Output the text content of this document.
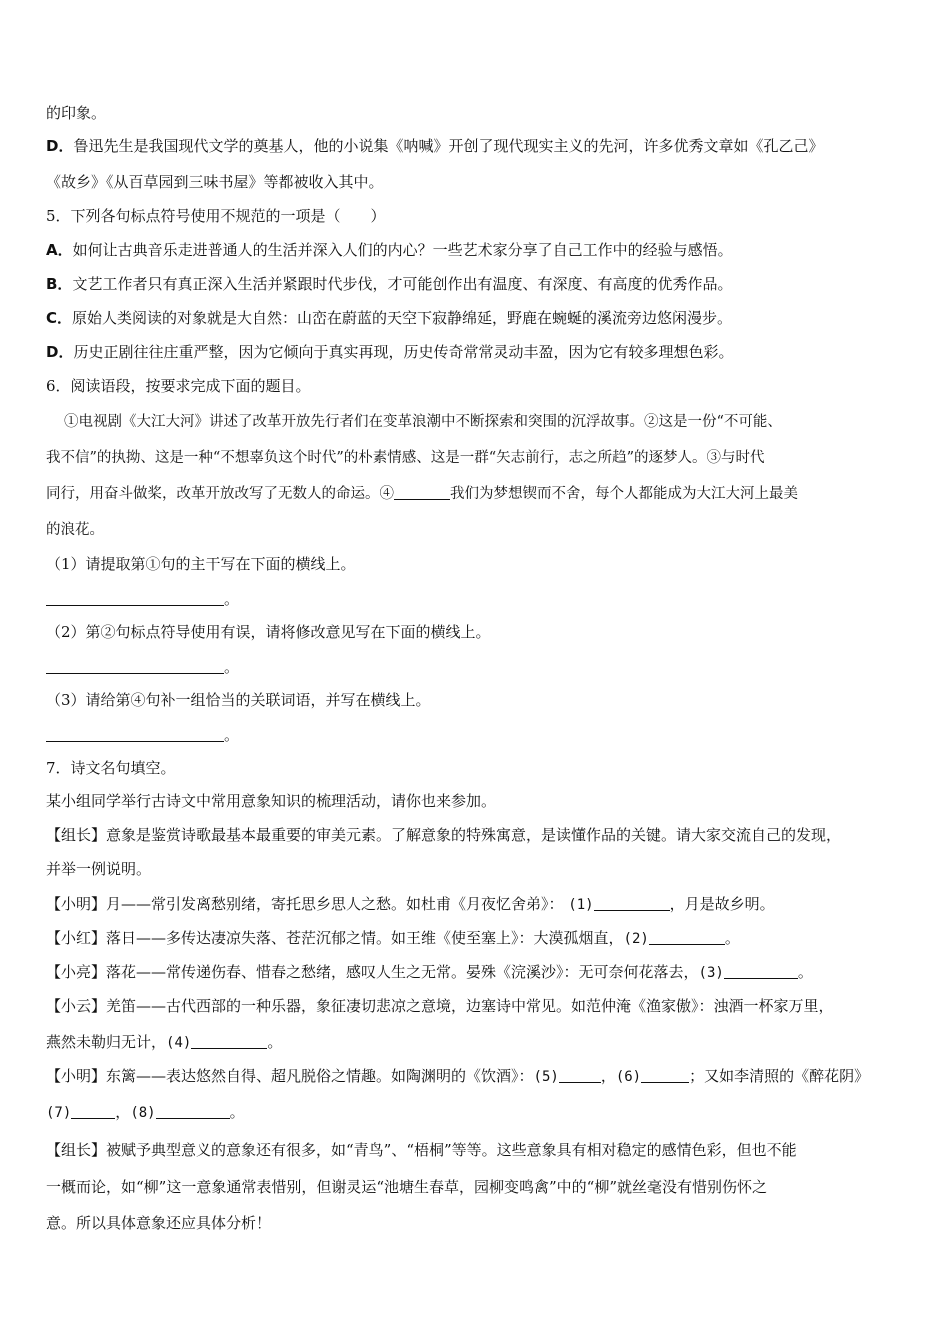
的印象。
D．鲁迅先生是我国现代文学的奠基人，他的小说集《呐喊》开创了现代现实主义的先河，许多优秀文章如《孔乙己》
《故乡》《从百草园到三味书屋》等都被收入其中。
5．下列各句标点符号使用不规范的一项是（　　）
A．如何让古典音乐走进普通人的生活并深入人们的内心？一些艺术家分享了自己工作中的经验与感悟。
B．文艺工作者只有真正深入生活并紧跟时代步伐，才可能创作出有温度、有深度、有高度的优秀作品。
C．原始人类阅读的对象就是大自然：山峦在蔚蓝的天空下寂静绵延，野鹿在蜿蜒的溪流旁边悠闲漫步。
D．历史正剧往往庄重严整，因为它倾向于真实再现，历史传奇常常灵动丰盈，因为它有较多理想色彩。
6．阅读语段，按要求完成下面的题目。
①电视剧《大江大河》讲述了改革开放先行者们在变革浪潮中不断探索和突围的沉浮故事。②这是一份“不可能、
我不信”的执拗、这是一种“不想辜负这个时代”的朴素情感、这是一群“矢志前行，志之所趋”的逐梦人。③与时代
同行，用奋斗做桨，改革开放改写了无数人的命运。④	我们为梦想锲而不舍，每个人都能成为大江大河上最美
的浪花。
（1）请提取第①句的主干写在下面的横线上。
。
（2）第②句标点符导使用有误，请将修改意见写在下面的横线上。
。
（3）请给第④句补一组恰当的关联词语，并写在横线上。
。
7．诗文名句填空。
某小组同学举行古诗文中常用意象知识的梳理活动，请你也来参加。
【组长】意象是鉴赏诗歌最基本最重要的审美元素。了解意象的特殊寓意，是读懂作品的关键。请大家交流自己的发现，
并举一例说明。
【小明】月——常引发离愁别绪，寄托思乡思人之愁。如杜甫《月夜忆舍弟》： (1)	，月是故乡明。
【小红】落日——多传达凄凉失落、苍茫沉郁之情。如王维《使至塞上》：大漠孤烟直，(2)	。
【小亮】落花——常传递伤春、惜春之愁绪，感叹人生之无常。晏殊《浣溪沙》：无可奈何花落去，(3)	。
【小云】羌笛——古代西部的一种乐器，象征凄切悲凉之意境，边塞诗中常见。如范仲淹《渔家傲》：浊酒一杯家万里，
燕然未勒归无计，(4)	。
【小明】东篱——表达悠然自得、超凡脱俗之情趣。如陶渊明的《饮酒》：(5)	，(6)	；又如李清照的《醉花阴》
(7)	，(8)	。
【组长】被赋予典型意义的意象还有很多，如“青鸟”、“梧桐”等等。这些意象具有相对稳定的感情色彩，但也不能
一概而论，如“柳”这一意象通常表惜别，但谢灵运“池塘生春草，园柳变鸣禽”中的“柳”就丝毫没有惜别伤怀之
意。所以具体意象还应具体分析！
